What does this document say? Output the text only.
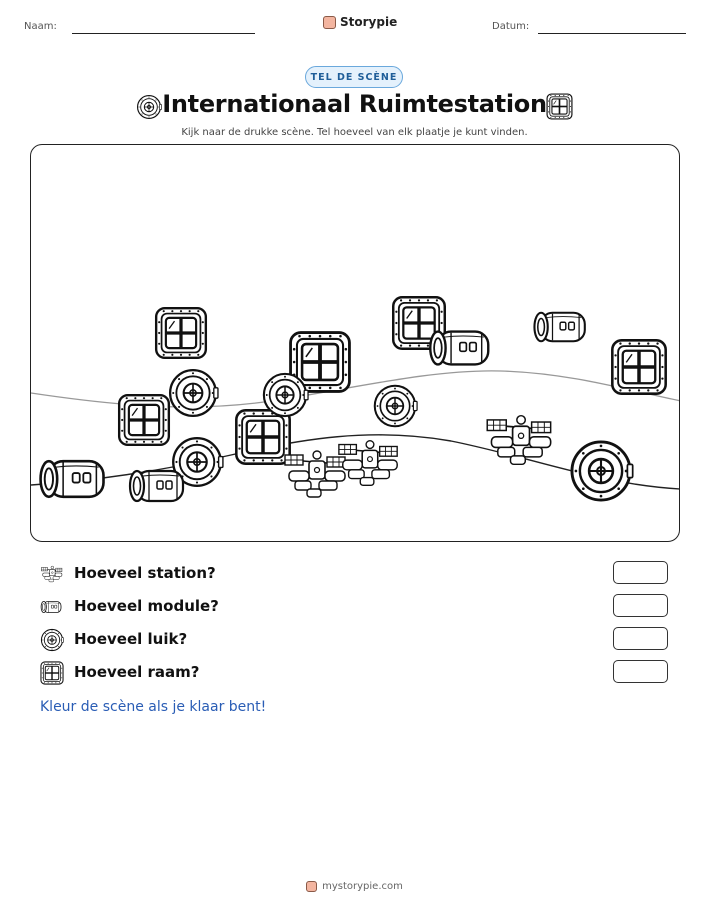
Naam:	Storypie	Datum:
TEL DE SCÈNE
Internationaal Ruimtestation
Kijk naar de drukke scène. Tel hoeveel van elk plaatje je kunt vinden.
Hoeveel station?
Hoeveel module?
Hoeveel luik?
Hoeveel raam?
Kleur de scène als je klaar bent!
mystorypie.com
